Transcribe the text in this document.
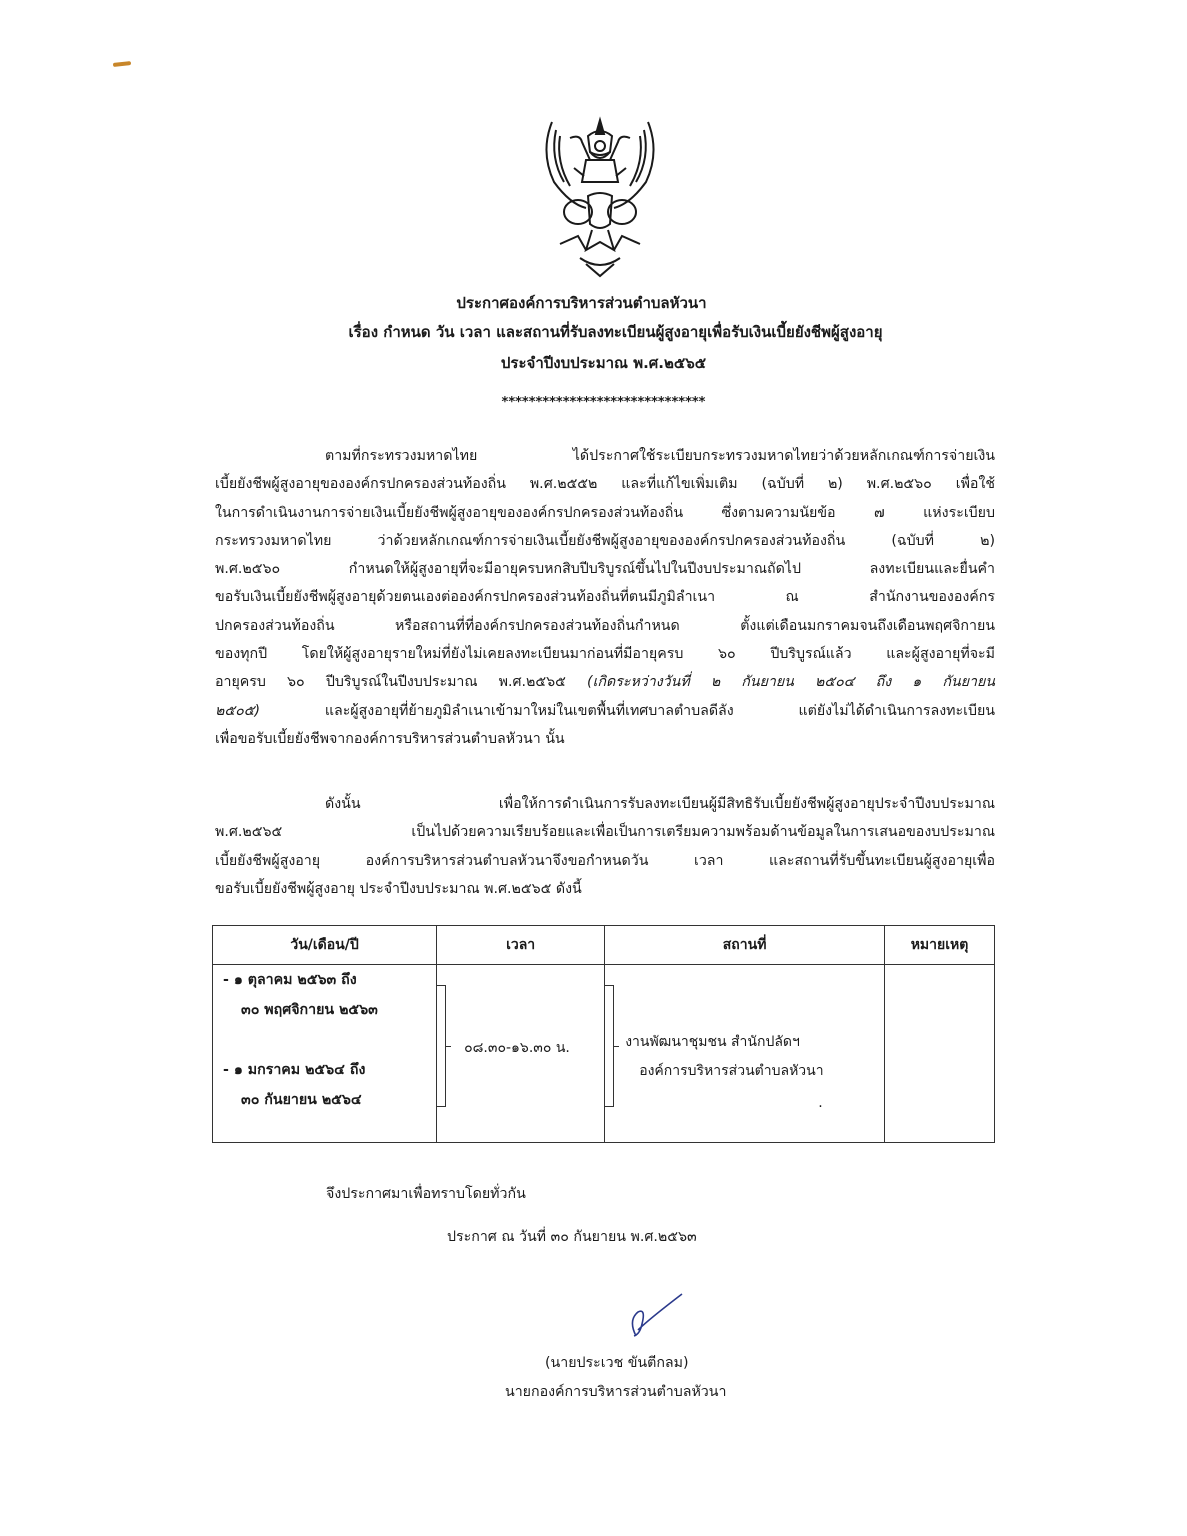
ประกาศองค์การบริหารส่วนตำบลหัวนา
เรื่อง กำหนด วัน เวลา และสถานที่รับลงทะเบียนผู้สูงอายุเพื่อรับเงินเบี้ยยังชีพผู้สูงอายุ
ประจำปีงบประมาณ พ.ศ.๒๕๖๕
******************************
ตามที่กระทรวงมหาดไทย ได้ประกาศใช้ระเบียบกระทรวงมหาดไทยว่าด้วยหลักเกณฑ์การจ่ายเงิน
เบี้ยยังชีพผู้สูงอายุขององค์กรปกครองส่วนท้องถิ่น พ.ศ.๒๕๕๒ และที่แก้ไขเพิ่มเติม (ฉบับที่ ๒) พ.ศ.๒๕๖๐ เพื่อใช้
ในการดำเนินงานการจ่ายเงินเบี้ยยังชีพผู้สูงอายุขององค์กรปกครองส่วนท้องถิ่น ซึ่งตามความนัยข้อ ๗ แห่งระเบียบ
กระทรวงมหาดไทย ว่าด้วยหลักเกณฑ์การจ่ายเงินเบี้ยยังชีพผู้สูงอายุขององค์กรปกครองส่วนท้องถิ่น (ฉบับที่ ๒)
พ.ศ.๒๕๖๐ กำหนดให้ผู้สูงอายุที่จะมีอายุครบหกสิบปีบริบูรณ์ขึ้นไปในปีงบประมาณถัดไป ลงทะเบียนและยื่นคำ
ขอรับเงินเบี้ยยังชีพผู้สูงอายุด้วยตนเองต่อองค์กรปกครองส่วนท้องถิ่นที่ตนมีภูมิลำเนา ณ สำนักงานขององค์กร
ปกครองส่วนท้องถิ่น หรือสถานที่ที่องค์กรปกครองส่วนท้องถิ่นกำหนด ตั้งแต่เดือนมกราคมจนถึงเดือนพฤศจิกายน
ของทุกปี โดยให้ผู้สูงอายุรายใหม่ที่ยังไม่เคยลงทะเบียนมาก่อนที่มีอายุครบ ๖๐ ปีบริบูรณ์แล้ว และผู้สูงอายุที่จะมี
อายุครบ ๖๐ ปีบริบูรณ์ในปีงบประมาณ พ.ศ.๒๕๖๕ (เกิดระหว่างวันที่ ๒ กันยายน ๒๕๐๔ ถึง ๑ กันยายน
๒๕๐๕) และผู้สูงอายุที่ย้ายภูมิลำเนาเข้ามาใหม่ในเขตพื้นที่เทศบาลตำบลดีลัง แต่ยังไม่ได้ดำเนินการลงทะเบียน
เพื่อขอรับเบี้ยยังชีพจากองค์การบริหารส่วนตำบลหัวนา นั้น
ดังนั้น เพื่อให้การดำเนินการรับลงทะเบียนผู้มีสิทธิรับเบี้ยยังชีพผู้สูงอายุประจำปีงบประมาณ
พ.ศ.๒๕๖๕ เป็นไปด้วยความเรียบร้อยและเพื่อเป็นการเตรียมความพร้อมด้านข้อมูลในการเสนอของบประมาณ
เบี้ยยังชีพผู้สูงอายุ องค์การบริหารส่วนตำบลหัวนาจึงขอกำหนดวัน เวลา และสถานที่รับขึ้นทะเบียนผู้สูงอายุเพื่อ
ขอรับเบี้ยยังชีพผู้สูงอายุ ประจำปีงบประมาณ พ.ศ.๒๕๖๕ ดังนี้
วัน/เดือน/ปี	เวลา	สถานที่	หมายเหตุ

- ๑ ตุลาคม ๒๕๖๓ ถึง
๓๐ พฤศจิกายน ๒๕๖๓
- ๑ มกราคม ๒๕๖๔ ถึง
๓๐ กันยายน ๒๕๖๔	๐๘.๓๐-๑๖.๓๐ น.	งานพัฒนาชุมชน สำนักปลัดฯ
องค์การบริหารส่วนตำบลหัวนา
.	

จึงประกาศมาเพื่อทราบโดยทั่วกัน
ประกาศ ณ วันที่ ๓๐ กันยายน พ.ศ.๒๕๖๓
(นายประเวช ขันตีกลม)
นายกองค์การบริหารส่วนตำบลหัวนา
